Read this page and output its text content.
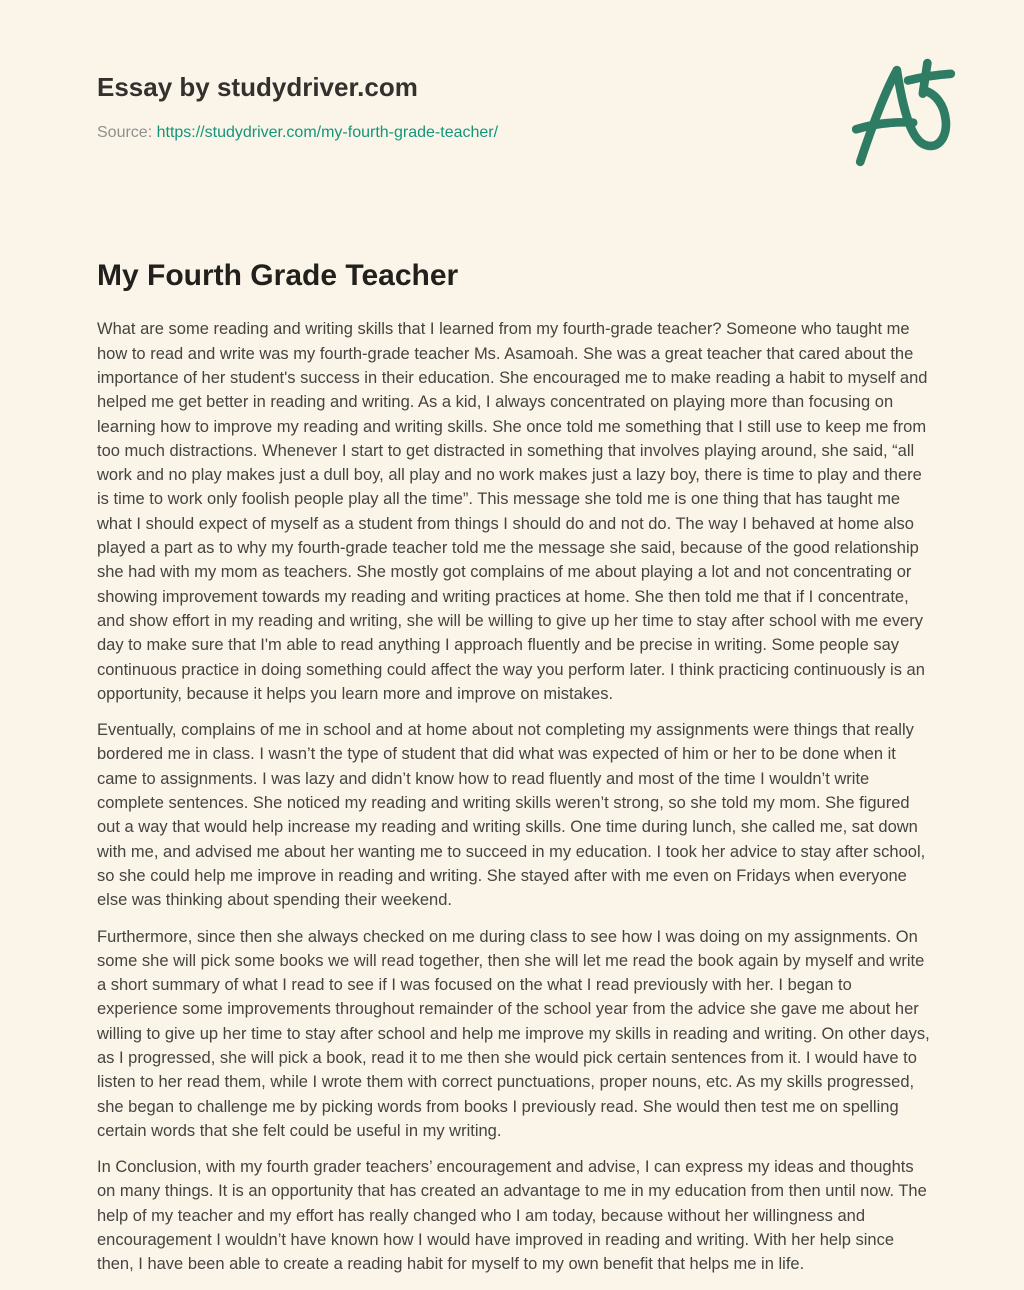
Essay by studydriver.com

Source: https://studydriver.com/my-fourth-grade-teacher/

My Fourth Grade Teacher

What are some reading and writing skills that I learned from my fourth-grade teacher? Someone who taught me how to read and write was my fourth-grade teacher Ms. Asamoah. She was a great teacher that cared about the importance of her student's success in their education. She encouraged me to make reading a habit to myself and helped me get better in reading and writing. As a kid, I always concentrated on playing more than focusing on learning how to improve my reading and writing skills. She once told me something that I still use to keep me from too much distractions. Whenever I start to get distracted in something that involves playing around, she said, “all work and no play makes just a dull boy, all play and no work makes just a lazy boy, there is time to play and there is time to work only foolish people play all the time”. This message she told me is one thing that has taught me what I should expect of myself as a student from things I should do and not do. The way I behaved at home also played a part as to why my fourth-grade teacher told me the message she said, because of the good relationship she had with my mom as teachers. She mostly got complains of me about playing a lot and not concentrating or showing improvement towards my reading and writing practices at home. She then told me that if I concentrate, and show effort in my reading and writing, she will be willing to give up her time to stay after school with me every day to make sure that I'm able to read anything I approach fluently and be precise in writing. Some people say continuous practice in doing something could affect the way you perform later. I think practicing continuously is an opportunity, because it helps you learn more and improve on mistakes.

Eventually, complains of me in school and at home about not completing my assignments were things that really bordered me in class. I wasn’t the type of student that did what was expected of him or her to be done when it came to assignments. I was lazy and didn’t know how to read fluently and most of the time I wouldn’t write complete sentences. She noticed my reading and writing skills weren’t strong, so she told my mom. She figured out a way that would help increase my reading and writing skills. One time during lunch, she called me, sat down with me, and advised me about her wanting me to succeed in my education. I took her advice to stay after school, so she could help me improve in reading and writing. She stayed after with me even on Fridays when everyone else was thinking about spending their weekend.

Furthermore, since then she always checked on me during class to see how I was doing on my assignments. On some she will pick some books we will read together, then she will let me read the book again by myself and write a short summary of what I read to see if I was focused on the what I read previously with her. I began to experience some improvements throughout remainder of the school year from the advice she gave me about her willing to give up her time to stay after school and help me improve my skills in reading and writing. On other days, as I progressed, she will pick a book, read it to me then she would pick certain sentences from it. I would have to listen to her read them, while I wrote them with correct punctuations, proper nouns, etc. As my skills progressed, she began to challenge me by picking words from books I previously read. She would then test me on spelling certain words that she felt could be useful in my writing.

In Conclusion, with my fourth grader teachers’ encouragement and advise, I can express my ideas and thoughts on many things. It is an opportunity that has created an advantage to me in my education from then until now. The help of my teacher and my effort has really changed who I am today, because without her willingness and encouragement I wouldn’t have known how I would have improved in reading and writing. With her help since then, I have been able to create a reading habit for myself to my own benefit that helps me in life.
